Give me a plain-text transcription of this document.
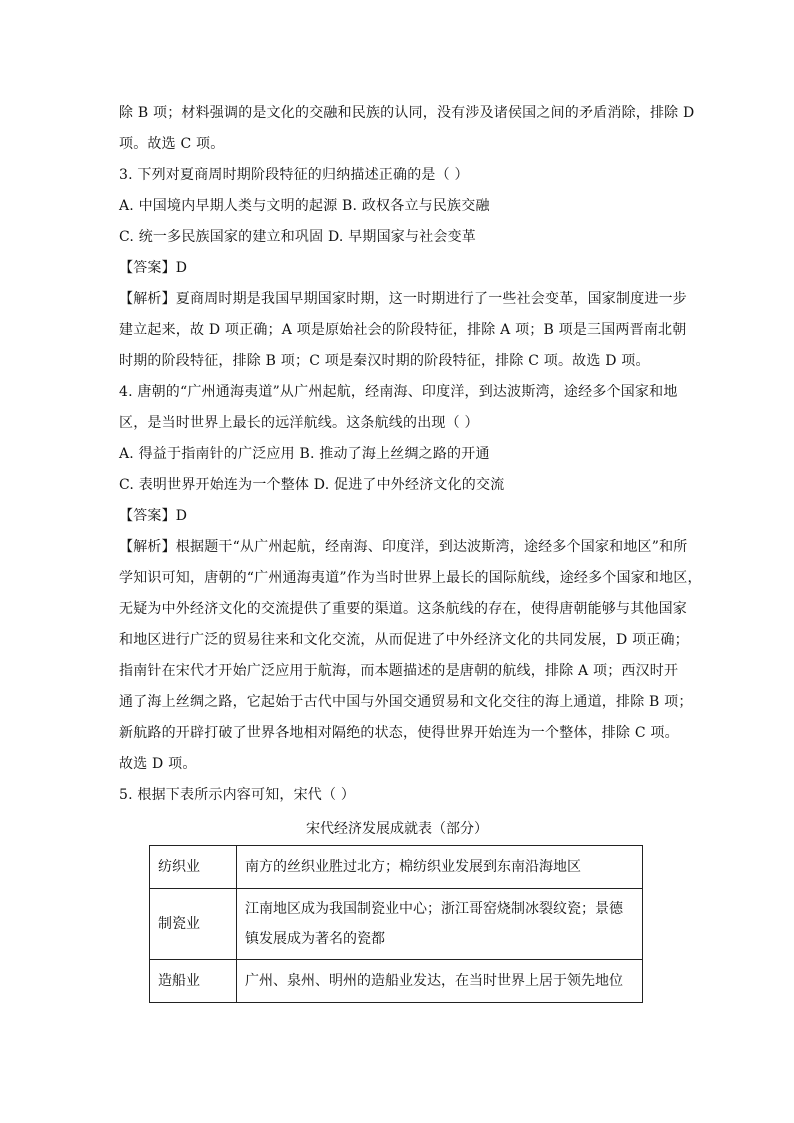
除 B 项；材料强调的是文化的交融和民族的认同，没有涉及诸侯国之间的矛盾消除，排除 D
项。故选 C 项。
3. 下列对夏商周时期阶段特征的归纳描述正确的是（ ）
A. 中国境内早期人类与文明的起源 B. 政权各立与民族交融
C. 统一多民族国家的建立和巩固 D. 早期国家与社会变革
【答案】D
【解析】夏商周时期是我国早期国家时期，这一时期进行了一些社会变革，国家制度进一步
建立起来，故 D 项正确；A 项是原始社会的阶段特征，排除 A 项；B 项是三国两晋南北朝
时期的阶段特征，排除 B 项；C 项是秦汉时期的阶段特征，排除 C 项。故选 D 项。
4. 唐朝的“广州通海夷道”从广州起航，经南海、印度洋，到达波斯湾，途经多个国家和地
区，是当时世界上最长的远洋航线。这条航线的出现（ ）
A. 得益于指南针的广泛应用 B. 推动了海上丝绸之路的开通
C. 表明世界开始连为一个整体 D. 促进了中外经济文化的交流
【答案】D
【解析】根据题干“从广州起航，经南海、印度洋，到达波斯湾，途经多个国家和地区”和所
学知识可知，唐朝的“广州通海夷道”作为当时世界上最长的国际航线，途经多个国家和地区，
无疑为中外经济文化的交流提供了重要的渠道。这条航线的存在，使得唐朝能够与其他国家
和地区进行广泛的贸易往来和文化交流，从而促进了中外经济文化的共同发展，D 项正确；
指南针在宋代才开始广泛应用于航海，而本题描述的是唐朝的航线，排除 A 项；西汉时开
通了海上丝绸之路，它起始于古代中国与外国交通贸易和文化交往的海上通道，排除 B 项；
新航路的开辟打破了世界各地相对隔绝的状态，使得世界开始连为一个整体，排除 C 项。
故选 D 项。
5. 根据下表所示内容可知，宋代（ ）
宋代经济发展成就表（部分）
纺织业	南方的丝织业胜过北方；棉纺织业发展到东南沿海地区
制瓷业	江南地区成为我国制瓷业中心；浙江哥窑烧制冰裂纹瓷；景德镇发展成为著名的瓷都
造船业	广州、泉州、明州的造船业发达，在当时世界上居于领先地位
